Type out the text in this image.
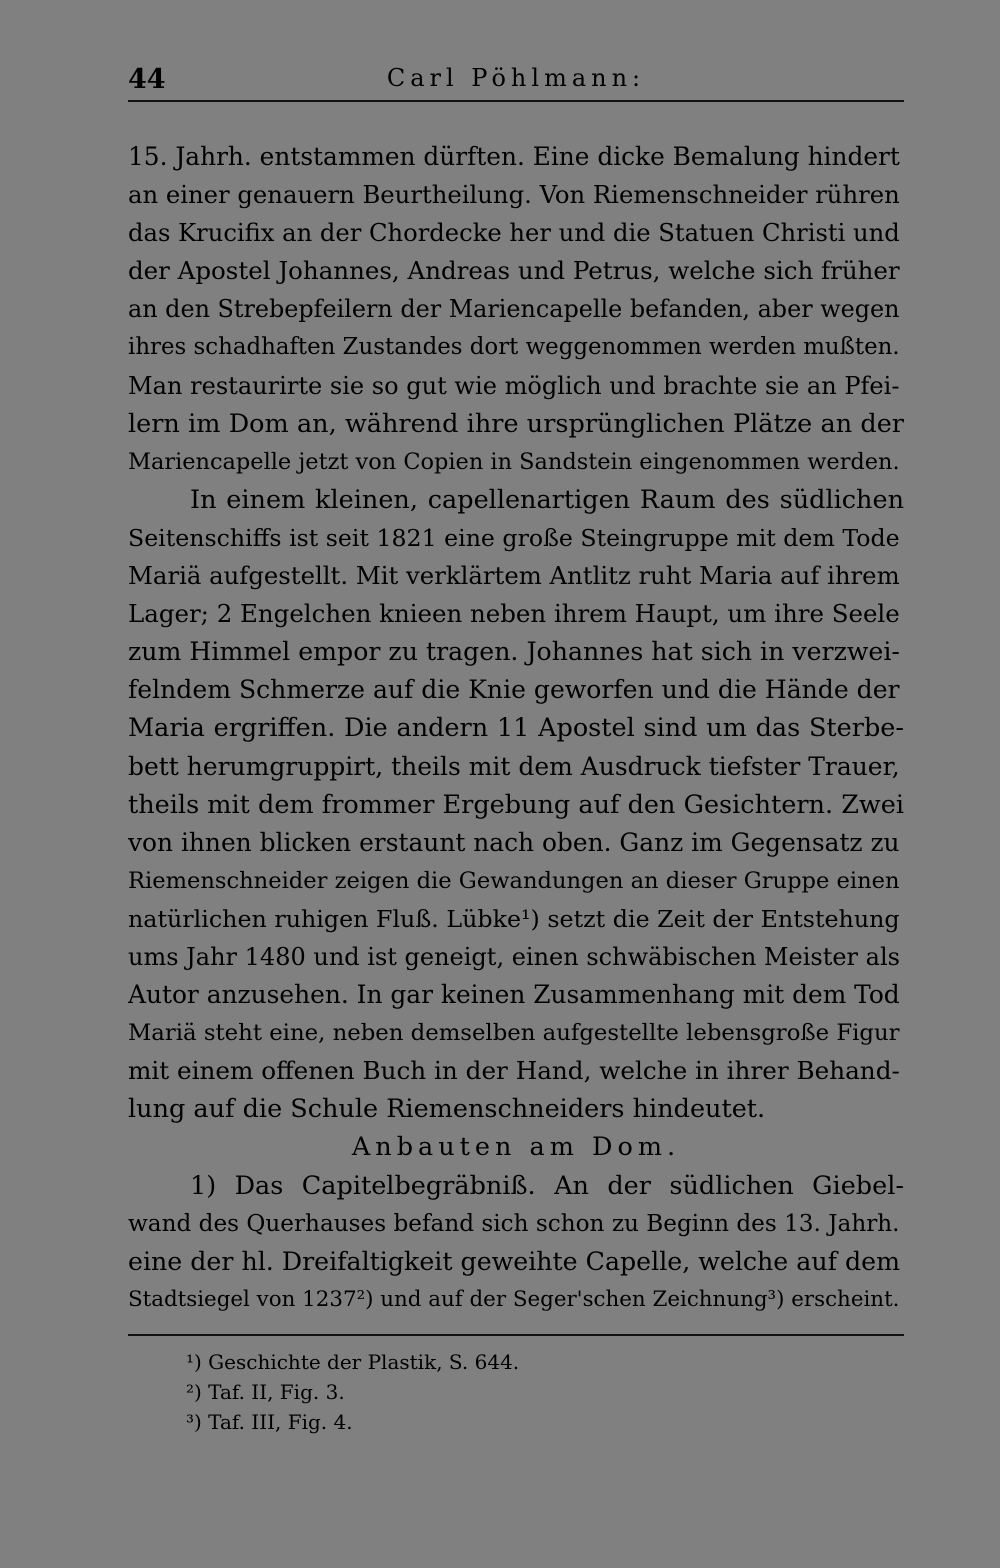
44	Carl Pöhlmann:
15. Jahrh. entstammen dürften. Eine dicke Bemalung hindert
an einer genauern Beurtheilung. Von Riemenschneider rühren
das Krucifix an der Chordecke her und die Statuen Christi und
der Apostel Johannes, Andreas und Petrus, welche sich früher
an den Strebepfeilern der Mariencapelle befanden, aber wegen
ihres schadhaften Zustandes dort weggenommen werden mußten.
Man restaurirte sie so gut wie möglich und brachte sie an Pfei-
lern im Dom an, während ihre ursprünglichen Plätze an der
Mariencapelle jetzt von Copien in Sandstein eingenommen werden.
In einem kleinen, capellenartigen Raum des südlichen
Seitenschiffs ist seit 1821 eine große Steingruppe mit dem Tode
Mariä aufgestellt. Mit verklärtem Antlitz ruht Maria auf ihrem
Lager; 2 Engelchen knieen neben ihrem Haupt, um ihre Seele
zum Himmel empor zu tragen. Johannes hat sich in verzwei-
felndem Schmerze auf die Knie geworfen und die Hände der
Maria ergriffen. Die andern 11 Apostel sind um das Sterbe-
bett herumgruppirt, theils mit dem Ausdruck tiefster Trauer,
theils mit dem frommer Ergebung auf den Gesichtern. Zwei
von ihnen blicken erstaunt nach oben. Ganz im Gegensatz zu
Riemenschneider zeigen die Gewandungen an dieser Gruppe einen
natürlichen ruhigen Fluß. Lübke¹) setzt die Zeit der Entstehung
ums Jahr 1480 und ist geneigt, einen schwäbischen Meister als
Autor anzusehen. In gar keinen Zusammenhang mit dem Tod
Mariä steht eine, neben demselben aufgestellte lebensgroße Figur
mit einem offenen Buch in der Hand, welche in ihrer Behand-
lung auf die Schule Riemenschneiders hindeutet.
Anbauten am Dom.
1) Das Capitelbegräbniß. An der südlichen Giebel-
wand des Querhauses befand sich schon zu Beginn des 13. Jahrh.
eine der hl. Dreifaltigkeit geweihte Capelle, welche auf dem
Stadtsiegel von 1237²) und auf der Seger'schen Zeichnung³) erscheint.
¹) Geschichte der Plastik, S. 644.
²) Taf. II, Fig. 3.
³) Taf. III, Fig. 4.
